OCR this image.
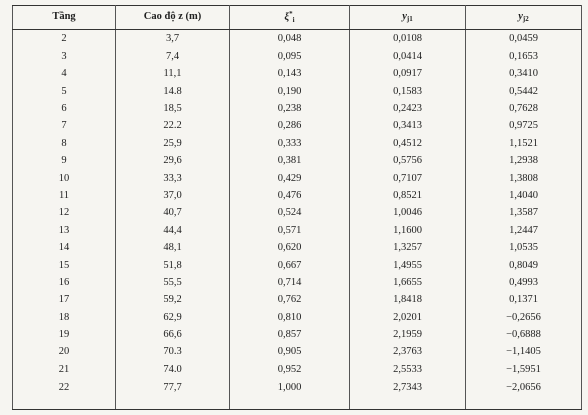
Tầng	Cao độ z (m)	$\xi^*_i$	$y_{j1}$	$y_{j2}$
2	3,7	0,048	0,0108	0,0459
3	7,4	0,095	0,0414	0,1653
4	11,1	0,143	0,0917	0,3410
5	14.8	0,190	0,1583	0,5442
6	18,5	0,238	0,2423	0,7628
7	22.2	0,286	0,3413	0,9725
8	25,9	0,333	0,4512	1,1521
9	29,6	0,381	0,5756	1,2938
10	33,3	0,429	0,7107	1,3808
11	37,0	0,476	0,8521	1,4040
12	40,7	0,524	1,0046	1,3587
13	44,4	0,571	1,1600	1,2447
14	48,1	0,620	1,3257	1,0535
15	51,8	0,667	1,4955	0,8049
16	55,5	0,714	1,6655	0,4993
17	59,2	0,762	1,8418	0,1371
18	62,9	0,810	2,0201	−0,2656
19	66,6	0,857	2,1959	−0,6888
20	70.3	0,905	2,3763	−1,1405
21	74.0	0,952	2,5533	−1,5951
22	77,7	1,000	2,7343	−2,0656
